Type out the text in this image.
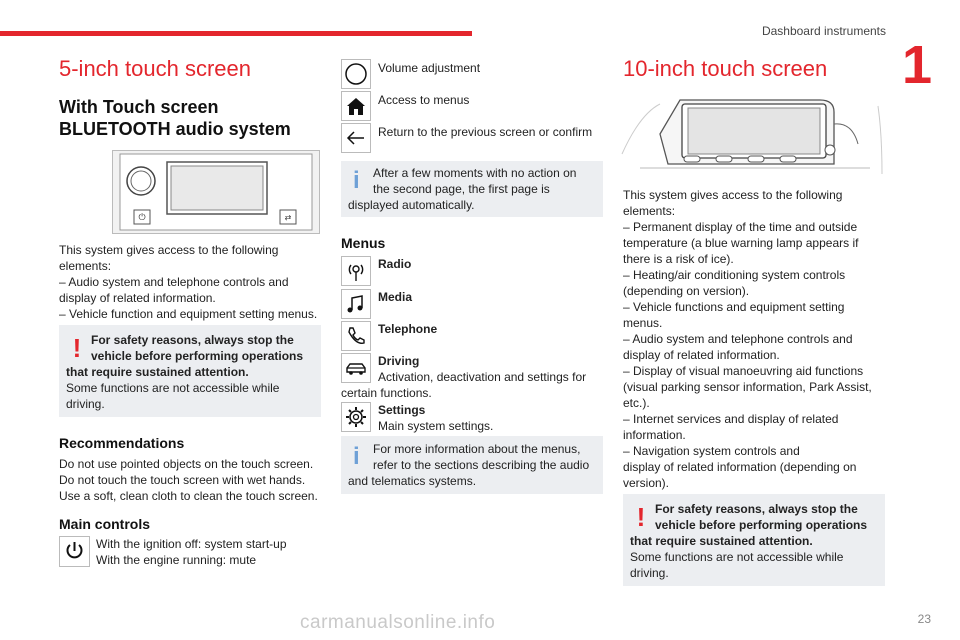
Dashboard instruments
1
5-inch touch screen
With Touch screen
BLUETOOTH audio system
⏻	⇄
This system gives access to the following
elements:
– Audio system and telephone controls and
display of related information.
– Vehicle function and equipment setting menus.
! For safety reasons, always stop the
vehicle before performing operations
that require sustained attention.
Some functions are not accessible while
driving.
Recommendations
Do not use pointed objects on the touch screen.
Do not touch the touch screen with wet hands.
Use a soft, clean cloth to clean the touch screen.
Main controls
With the ignition off: system start-up
With the engine running: mute
Volume adjustment
Access to menus
Return to the previous screen or confirm
i After a few moments with no action on
the second page, the first page is
displayed automatically.
Menus
Radio
Media
Telephone
Driving
Activation, deactivation and settings for
certain functions.
Settings
Main system settings.
i For more information about the menus,
refer to the sections describing the audio
and telematics systems.
10-inch touch screen
This system gives access to the following
elements:
– Permanent display of the time and outside
temperature (a blue warning lamp appears if
there is a risk of ice).
– Heating/air conditioning system controls
(depending on version).
– Vehicle functions and equipment setting
menus.
– Audio system and telephone controls and
display of related information.
– Display of visual manoeuvring aid functions
(visual parking sensor information, Park Assist,
etc.).
– Internet services and display of related
information.
– Navigation system controls and
display of related information (depending on
version).
! For safety reasons, always stop the
vehicle before performing operations
that require sustained attention.
Some functions are not accessible while
driving.
carmanualsonline.info	23
